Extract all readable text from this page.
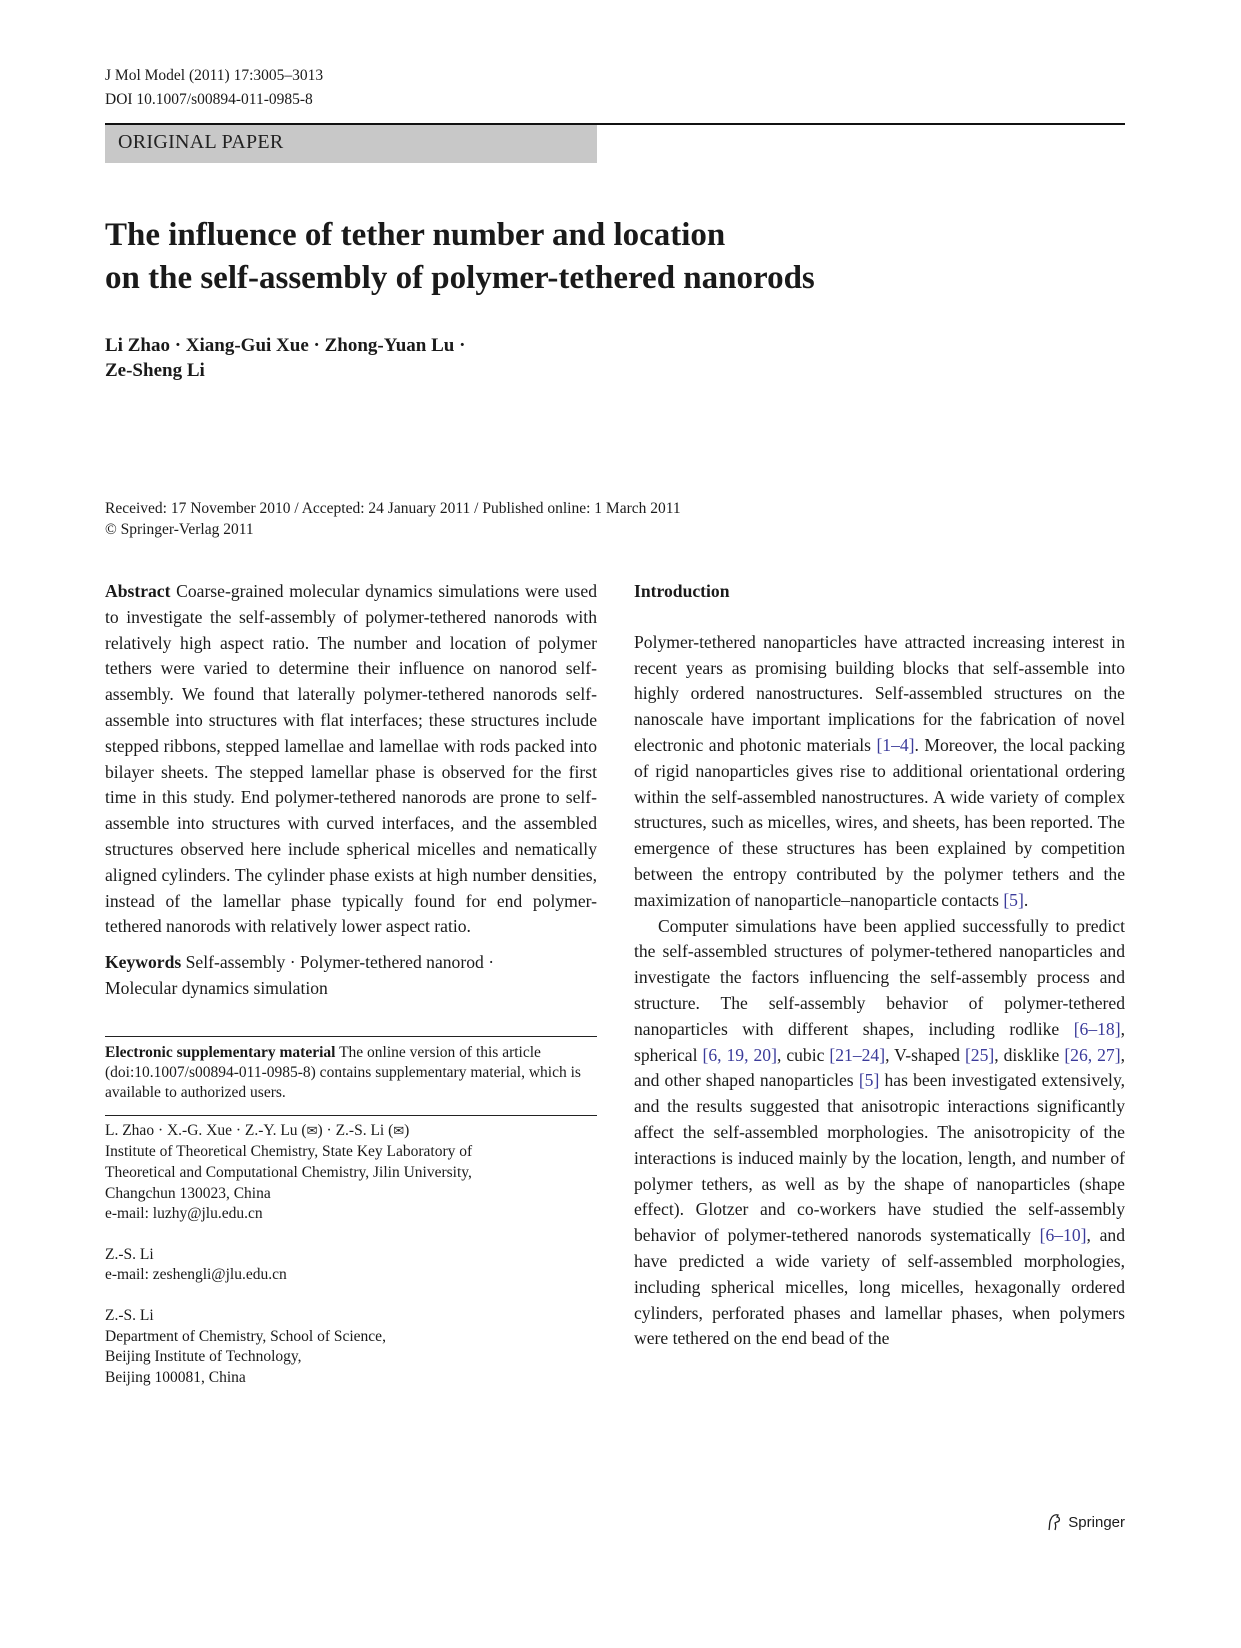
J Mol Model (2011) 17:3005–3013
DOI 10.1007/s00894-011-0985-8
ORIGINAL PAPER
The influence of tether number and location
on the self-assembly of polymer-tethered nanorods
Li Zhao · Xiang-Gui Xue · Zhong-Yuan Lu ·
Ze-Sheng Li
Received: 17 November 2010 / Accepted: 24 January 2011 / Published online: 1 March 2011
© Springer-Verlag 2011

Abstract Coarse-grained molecular dynamics simulations were used to investigate the self-assembly of polymer-tethered nanorods with relatively high aspect ratio. The number and location of polymer tethers were varied to determine their influence on nanorod self-assembly. We found that laterally polymer-tethered nanorods self-assemble into structures with flat interfaces; these structures include stepped ribbons, stepped lamellae and lamellae with rods packed into bilayer sheets. The stepped lamellar phase is observed for the first time in this study. End polymer-tethered nanorods are prone to self-assemble into structures with curved interfaces, and the assembled structures observed here include spherical micelles and nematically aligned cylinders. The cylinder phase exists at high number densities, instead of the lamellar phase typically found for end polymer-tethered nanorods with relatively lower aspect ratio.

Keywords Self-assembly · Polymer-tethered nanorod ·
Molecular dynamics simulation

Electronic supplementary material The online version of this article (doi:10.1007/s00894-011-0985-8) contains supplementary material, which is available to authorized users.

L. Zhao · X.-G. Xue · Z.-Y. Lu (✉) · Z.-S. Li (✉)
Institute of Theoretical Chemistry, State Key Laboratory of
Theoretical and Computational Chemistry, Jilin University,
Changchun 130023, China
e-mail: luzhy@jlu.edu.cn
Z.-S. Li
e-mail: zeshengli@jlu.edu.cn
Z.-S. Li
Department of Chemistry, School of Science,
Beijing Institute of Technology,
Beijing 100081, China

Introduction

Polymer-tethered nanoparticles have attracted increasing interest in recent years as promising building blocks that self-assemble into highly ordered nanostructures. Self-assembled structures on the nanoscale have important implications for the fabrication of novel electronic and photonic materials [1–4]. Moreover, the local packing of rigid nanoparticles gives rise to additional orientational ordering within the self-assembled nanostructures. A wide variety of complex structures, such as micelles, wires, and sheets, has been reported. The emergence of these structures has been explained by competition between the entropy contributed by the polymer tethers and the maximization of nanoparticle–nanoparticle contacts [5].

Computer simulations have been applied successfully to predict the self-assembled structures of polymer-tethered nanoparticles and investigate the factors influencing the self-assembly process and structure. The self-assembly behavior of polymer-tethered nanoparticles with different shapes, including rodlike [6–18], spherical [6, 19, 20], cubic [21–24], V-shaped [25], disklike [26, 27], and other shaped nanoparticles [5] has been investigated extensively, and the results suggested that anisotropic interactions significantly affect the self-assembled morphologies. The anisotropicity of the interactions is induced mainly by the location, length, and number of polymer tethers, as well as by the shape of nanoparticles (shape effect). Glotzer and co-workers have studied the self-assembly behavior of polymer-tethered nanorods systematically [6–10], and have predicted a wide variety of self-assembled morphologies, including spherical micelles, long micelles, hexagonally ordered cylinders, perforated phases and lamellar phases, when polymers were tethered on the end bead of the

Springer
